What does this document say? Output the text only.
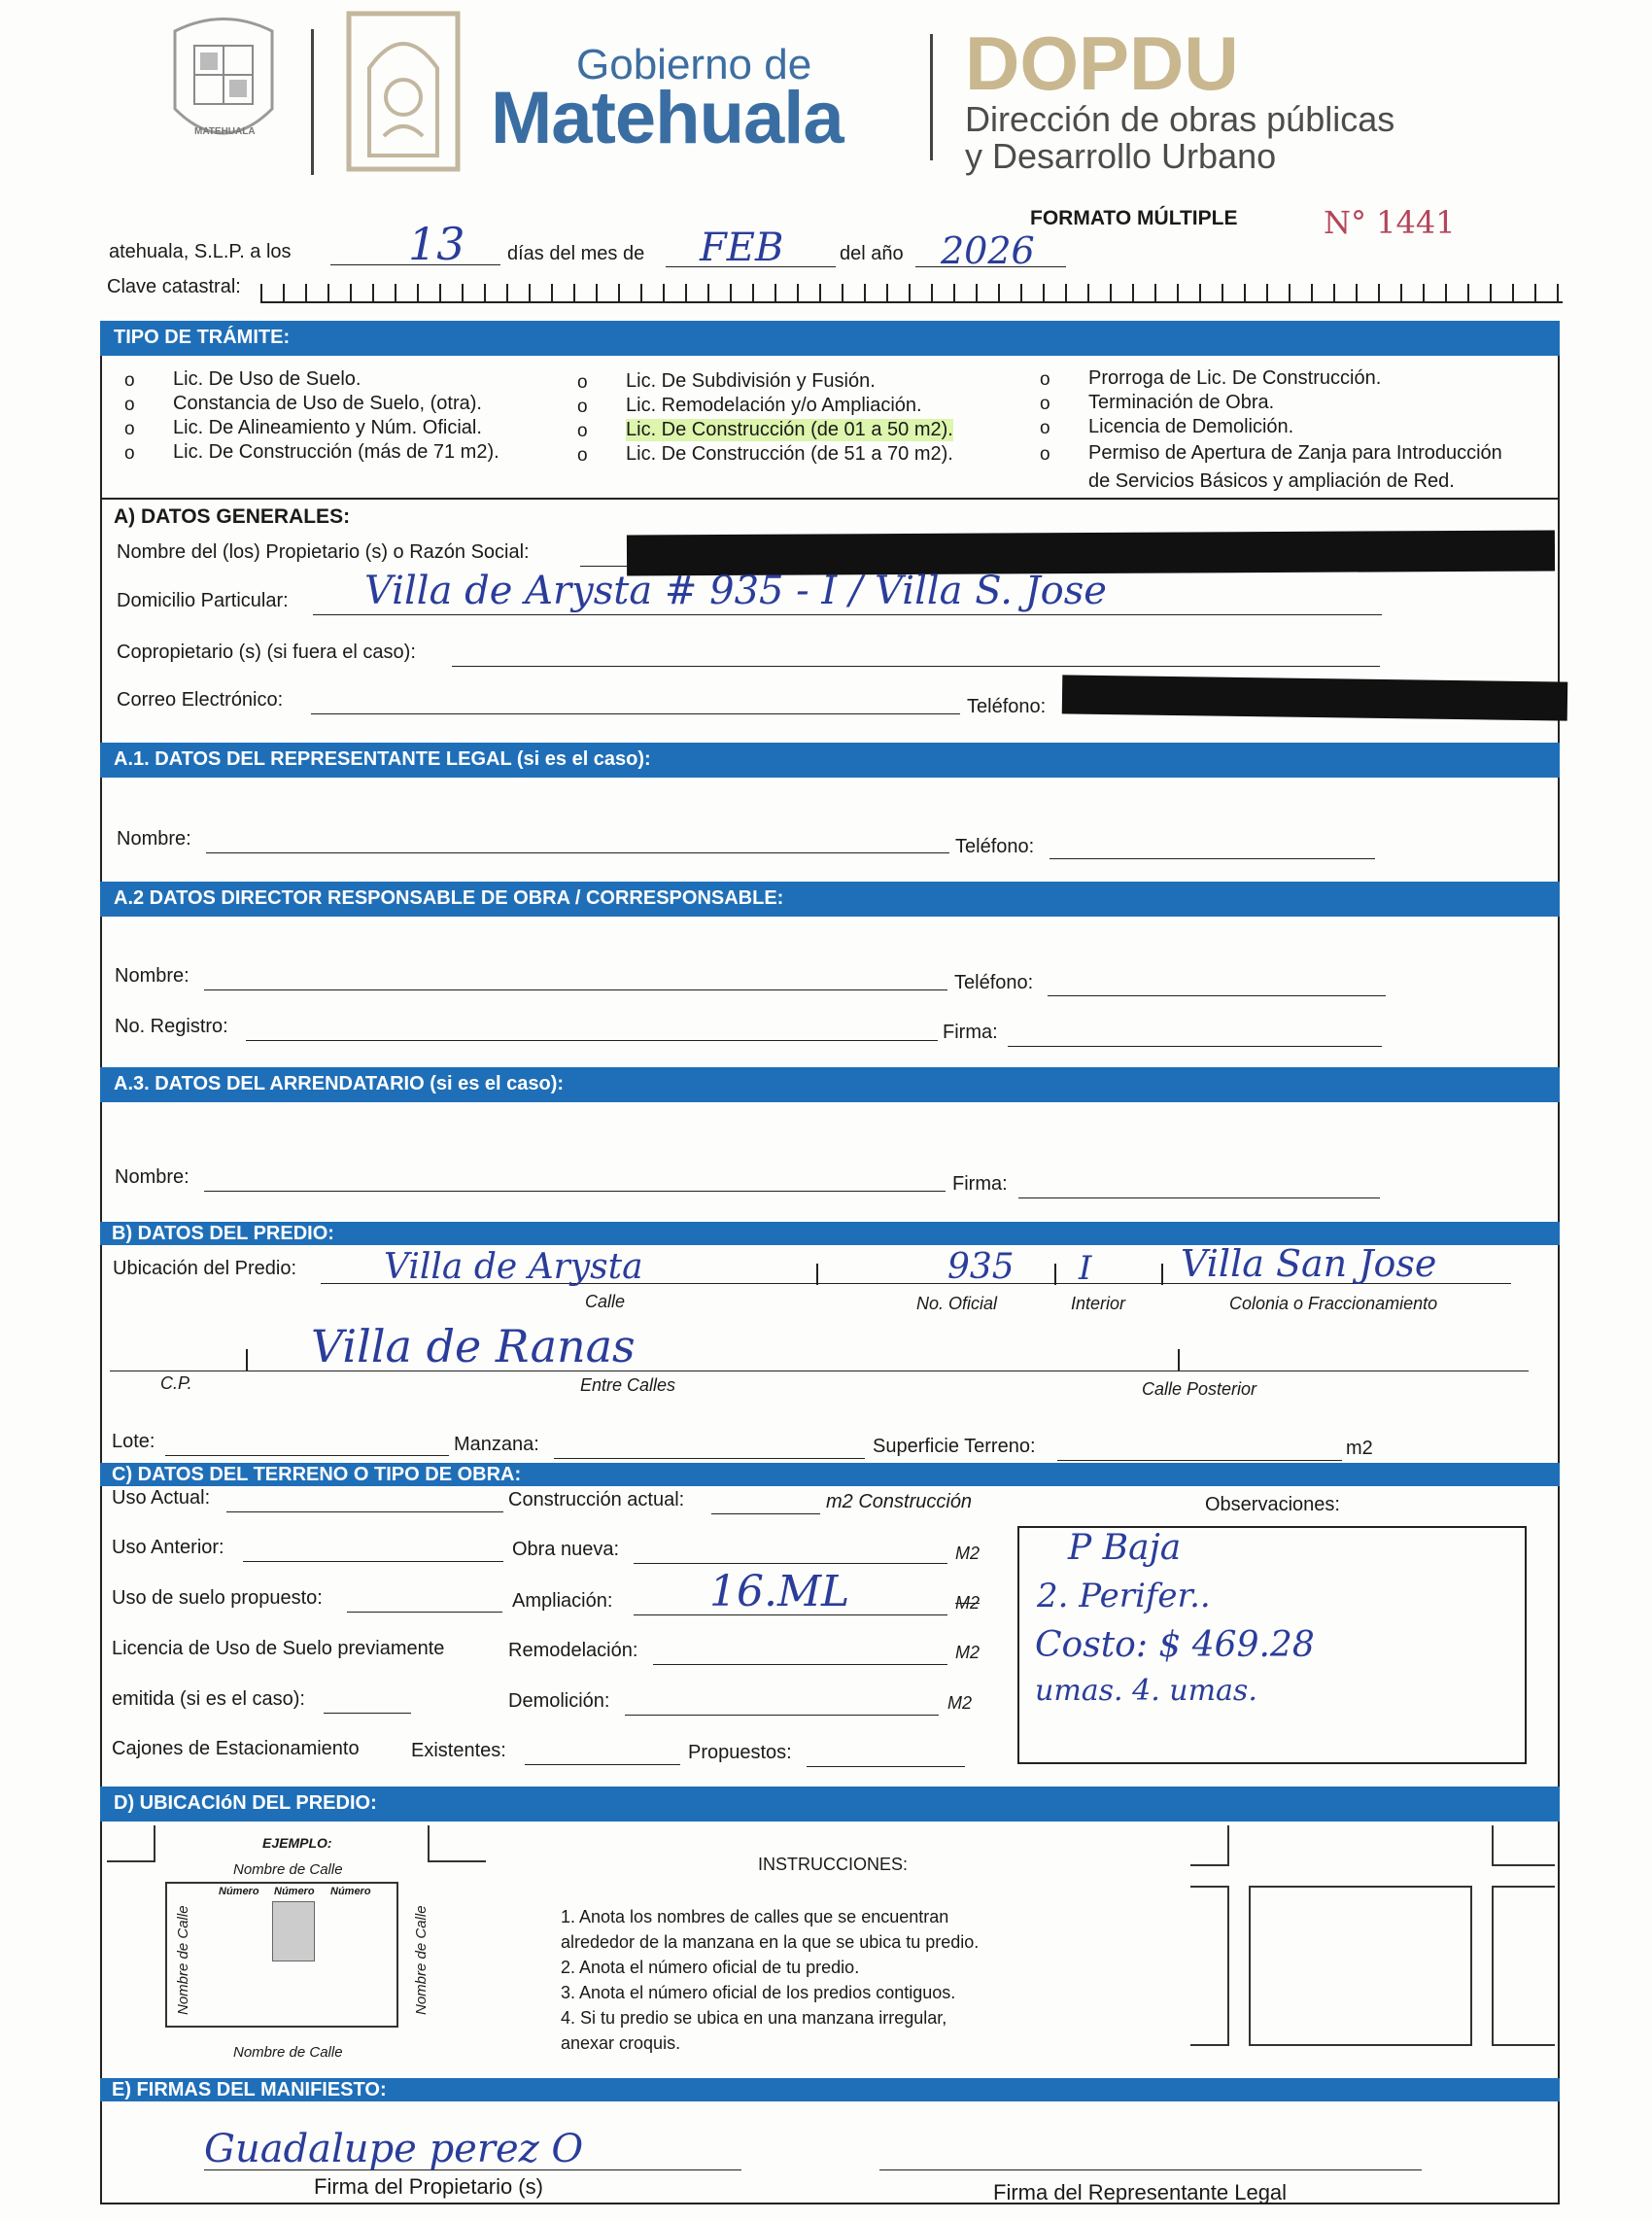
MATEHUALA
Gobierno de
Matehuala
DOPDU
Dirección de obras públicas
y Desarrollo Urbano
FORMATO MÚLTIPLE	N° 1441
atehuala, S.L.P. a los	13 días del mes de FEB	del año 2026
Clave catastral:
TIPO DE TRÁMITE:
o Lic. De Uso de Suelo.
o Constancia de Uso de Suelo, (otra).
o Lic. De Alineamiento y Núm. Oficial.
o Lic. De Construcción (más de 71 m2).
o Lic. De Subdivisión y Fusión.
o Lic. Remodelación y/o Ampliación.
o Lic. De Construcción (de 01 a 50 m2).
o Lic. De Construcción (de 51 a 70 m2).
o Prorroga de Lic. De Construcción.
o Terminación de Obra.
o Licencia de Demolición.
o Permiso de Apertura de Zanja para Introducción
de Servicios Básicos y ampliación de Red.
A) DATOS GENERALES:
Nombre del (los) Propietario (s) o Razón Social:
Domicilio Particular: Villa de Arysta # 935 - I / Villa S. Jose
Copropietario (s) (si fuera el caso):
Correo Electrónico:	Teléfono:
A.1. DATOS DEL REPRESENTANTE LEGAL (si es el caso):
Nombre:	Teléfono:
A.2 DATOS DIRECTOR RESPONSABLE DE OBRA / CORRESPONSABLE:
Nombre:	Teléfono:
No. Registro:	Firma:
A.3. DATOS DEL ARRENDATARIO (si es el caso):
Nombre:	Firma:
B) DATOS DEL PREDIO:
Ubicación del Predio:	Villa de Arysta	935 I Villa San Jose
Calle	No. Oficial	Interior	Colonia o Fraccionamiento
Villa de Ranas
C.P.	Entre Calles	Calle Posterior
Lote:	Manzana:	Superficie Terreno:	m2
C) DATOS DEL TERRENO O TIPO DE OBRA:
Uso Actual:	Construcción actual:	m2 Construcción	Observaciones:
Uso Anterior:	Obra nueva:	M2
Uso de suelo propuesto:	Ampliación: 16.ML	M2
Licencia de Uso de Suelo previamente	Remodelación:	M2
emitida (si es el caso):	Demolición:	M2
Cajones de Estacionamiento	Existentes:	Propuestos:
P Baja
2. Perifer..
Costo: $ 469.28
umas. 4. umas.
D) UBICACIóN DEL PREDIO:
EJEMPLO:
Nombre de Calle
Número Número Número
Nombre de Calle	Nombre de Calle
Nombre de Calle
INSTRUCCIONES:
1. Anota los nombres de calles que se encuentran
alrededor de la manzana en la que se ubica tu predio.
2. Anota el número oficial de tu predio.
3. Anota el número oficial de los predios contiguos.
4. Si tu predio se ubica en una manzana irregular,
anexar croquis.
E) FIRMAS DEL MANIFIESTO:
Guadalupe perez O
Firma del Propietario (s)	Firma del Representante Legal
